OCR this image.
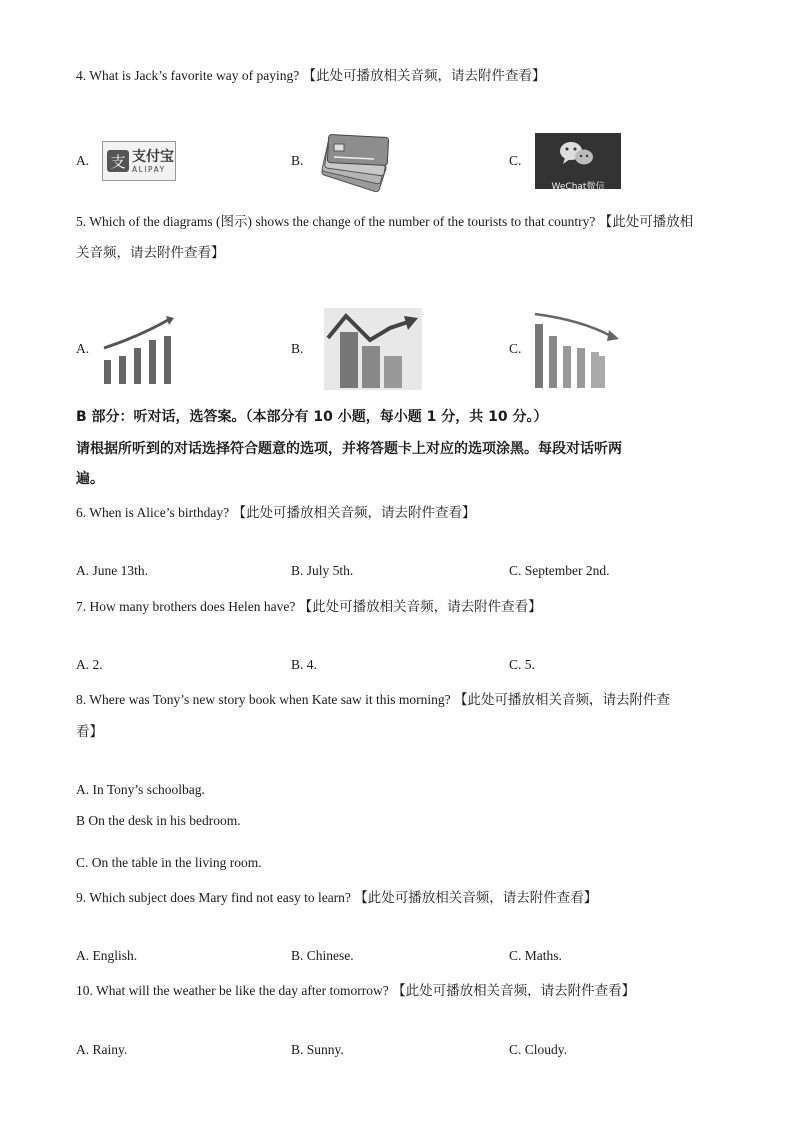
4. What is Jack’s favorite way of paying? 【此处可播放相关音频，请去附件查看】
A. 支 支付宝
ALIPAY
B.	C.
WeChat微信
5. Which of the diagrams (图示) shows the change of the number of the tourists to that country? 【此处可播放相
关音频，请去附件查看】
A.	B.	C.
B 部分：听对话，选答案。（本部分有 10 小题，每小题 1 分，共 10 分。）
请根据所听到的对话选择符合题意的选项，并将答题卡上对应的选项涂黑。每段对话听两
遍。
6. When is Alice’s birthday? 【此处可播放相关音频，请去附件查看】
A. June 13th.	B. July 5th.	C. September 2nd.
7. How many brothers does Helen have? 【此处可播放相关音频，请去附件查看】
A. 2.	B. 4.	C. 5.
8. Where was Tony’s new story book when Kate saw it this morning? 【此处可播放相关音频，请去附件查
看】
A. In Tony’s schoolbag.
B On the desk in his bedroom.
C. On the table in the living room.
9. Which subject does Mary find not easy to learn? 【此处可播放相关音频，请去附件查看】
A. English.	B. Chinese.	C. Maths.
10. What will the weather be like the day after tomorrow? 【此处可播放相关音频，请去附件查看】
A. Rainy.	B. Sunny.	C. Cloudy.
